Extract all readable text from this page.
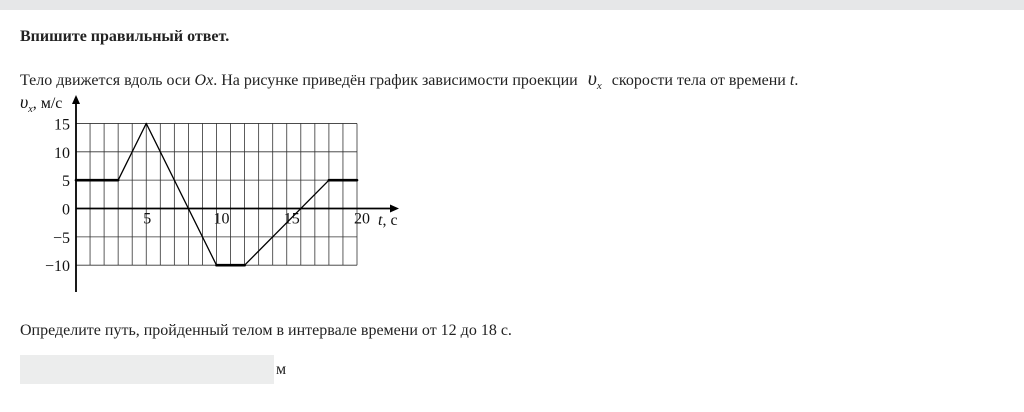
Впишите правильный ответ.
Тело движется вдоль оси Ox. На рисунке приведён график зависимости проекции $\upsilon_x$ скорости тела от времени t.
15
10
5
0
−5
−10
5	10	15	20
$\upsilon_x$, м/с
t, с
Определите путь, пройденный телом в интервале времени от 12 до 18 с.
м
